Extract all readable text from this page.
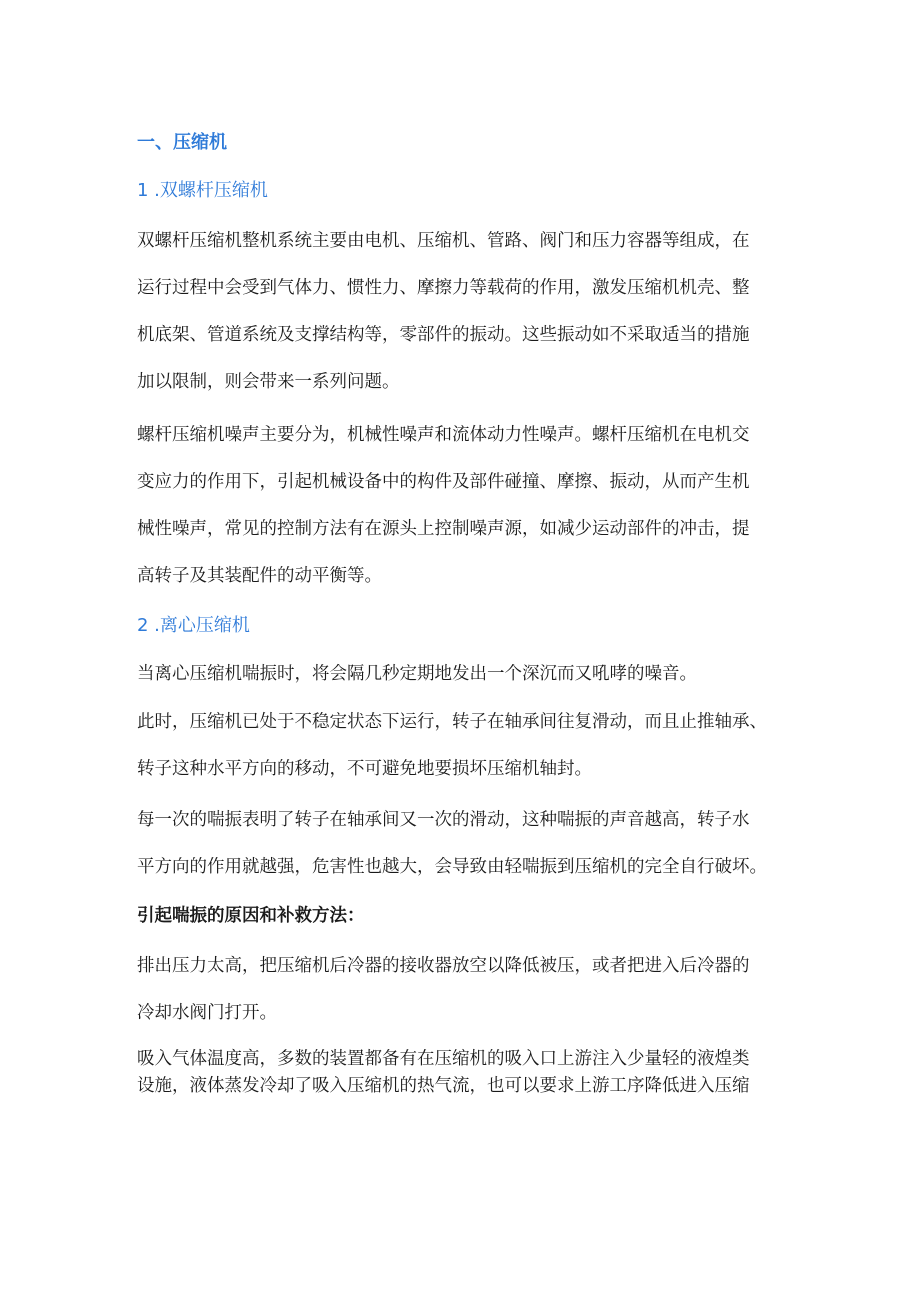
一、压缩机
1 .双螺杆压缩机
双螺杆压缩机整机系统主要由电机、压缩机、管路、阀门和压力容器等组成，在
运行过程中会受到气体力、惯性力、摩擦力等载荷的作用，激发压缩机机壳、整
机底架、管道系统及支撑结构等，零部件的振动。这些振动如不采取适当的措施
加以限制，则会带来一系列问题。
螺杆压缩机噪声主要分为，机械性噪声和流体动力性噪声。螺杆压缩机在电机交
变应力的作用下，引起机械设备中的构件及部件碰撞、摩擦、振动，从而产生机
械性噪声，常见的控制方法有在源头上控制噪声源，如减少运动部件的冲击，提
高转子及其装配件的动平衡等。
2 .离心压缩机
当离心压缩机喘振时，将会隔几秒定期地发出一个深沉而又吼哮的噪音。
此时，压缩机已处于不稳定状态下运行，转子在轴承间往复滑动，而且止推轴承、
转子这种水平方向的移动，不可避免地要损坏压缩机轴封。
每一次的喘振表明了转子在轴承间又一次的滑动，这种喘振的声音越高，转子水
平方向的作用就越强，危害性也越大，会导致由轻喘振到压缩机的完全自行破坏。
引起喘振的原因和补救方法：
排出压力太高，把压缩机后冷器的接收器放空以降低被压，或者把进入后冷器的
冷却水阀门打开。
吸入气体温度高，多数的装置都备有在压缩机的吸入口上游注入少量轻的液煌类
设施，液体蒸发冷却了吸入压缩机的热气流，也可以要求上游工序降低进入压缩
